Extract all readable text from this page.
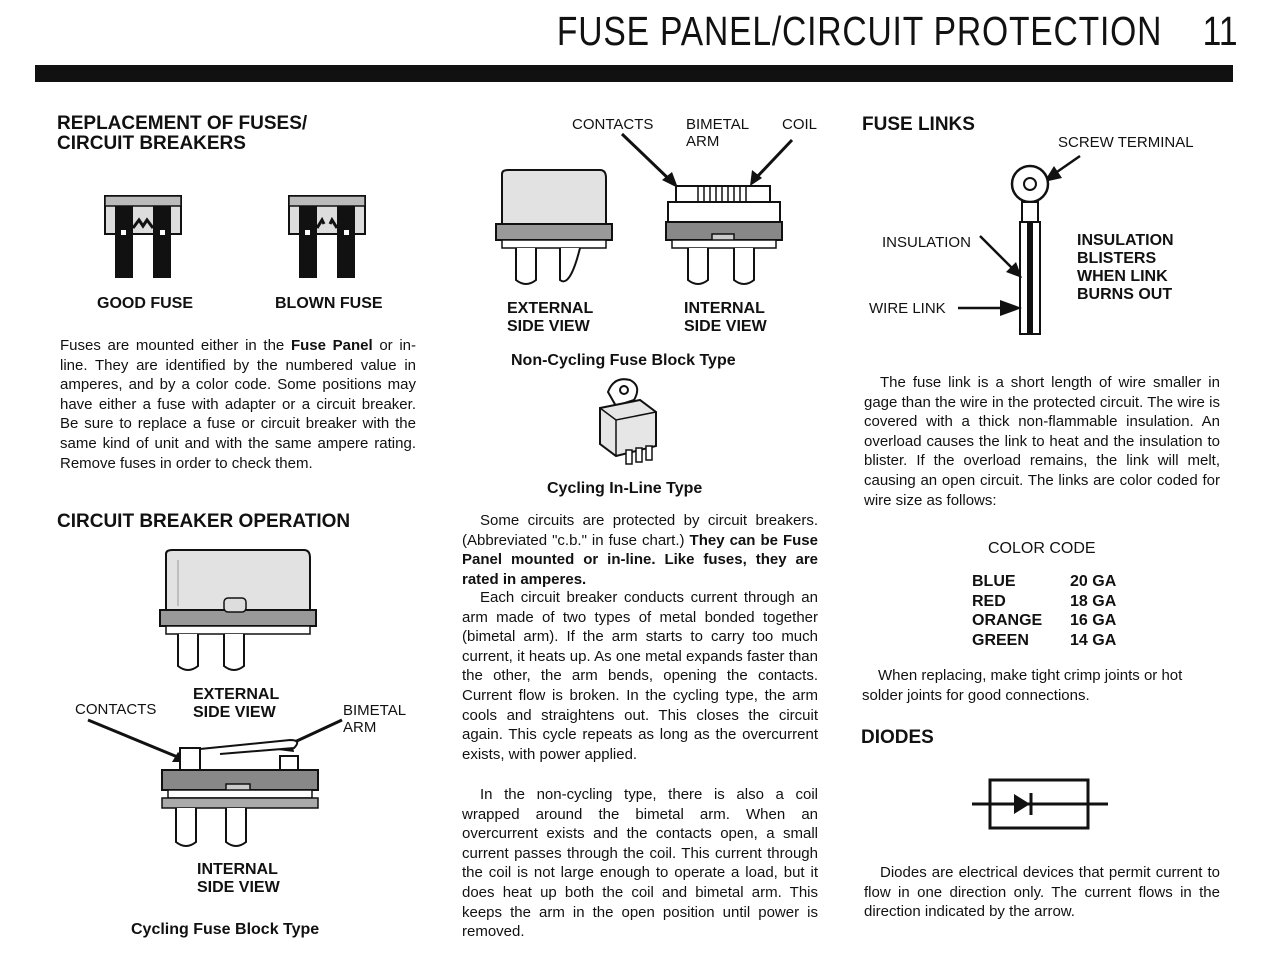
FUSE PANEL/CIRCUIT PROTECTION 11
REPLACEMENT OF FUSES/
CIRCUIT BREAKERS
GOOD FUSE	BLOWN FUSE
Fuses are mounted either in the Fuse Panel or in-line. They are identified by the numbered value in amperes, and by a color code. Some positions may have either a fuse with adapter or a circuit breaker. Be sure to replace a fuse or circuit breaker with the same kind of unit and with the same ampere rating. Remove fuses in order to check them.
CIRCUIT BREAKER OPERATION
EXTERNAL SIDE VIEW
CONTACTS	BIMETAL ARM
INTERNAL SIDE VIEW
Cycling Fuse Block Type
CONTACTS BIMETAL ARM
COIL
EXTERNAL SIDE VIEW
INTERNAL SIDE VIEW
Non-Cycling Fuse Block Type
Cycling In-Line Type
Some circuits are protected by circuit breakers. (Abbreviated "c.b." in fuse chart.) They can be Fuse Panel mounted or in-line. Like fuses, they are rated in amperes.
Each circuit breaker conducts current through an arm made of two types of metal bonded together (bimetal arm). If the arm starts to carry too much current, it heats up. As one metal expands faster than the other, the arm bends, opening the contacts. Current flow is broken. In the cycling type, the arm cools and straightens out. This closes the circuit again. This cycle repeats as long as the overcurrent exists, with power applied.
In the non-cycling type, there is also a coil wrapped around the bimetal arm. When an overcurrent exists and the contacts open, a small current passes through the coil. This current through the coil is not large enough to operate a load, but it does heat up both the coil and bimetal arm. This keeps the arm in the open position until power is removed.
FUSE LINKS
SCREW TERMINAL
INSULATION
WIRE LINK
INSULATION BLISTERS WHEN LINK BURNS OUT
The fuse link is a short length of wire smaller in gage than the wire in the protected circuit. The wire is covered with a thick non-flammable insulation. An overload causes the link to heat and the insulation to blister. If the overload remains, the link will melt, causing an open circuit. The links are color coded for wire size as follows:
COLOR CODE
BLUE	20 GA
RED	18 GA
ORANGE	16 GA
GREEN	14 GA
When replacing, make tight crimp joints or hot solder joints for good connections.
DIODES
Diodes are electrical devices that permit current to flow in one direction only. The current flows in the direction indicated by the arrow.
